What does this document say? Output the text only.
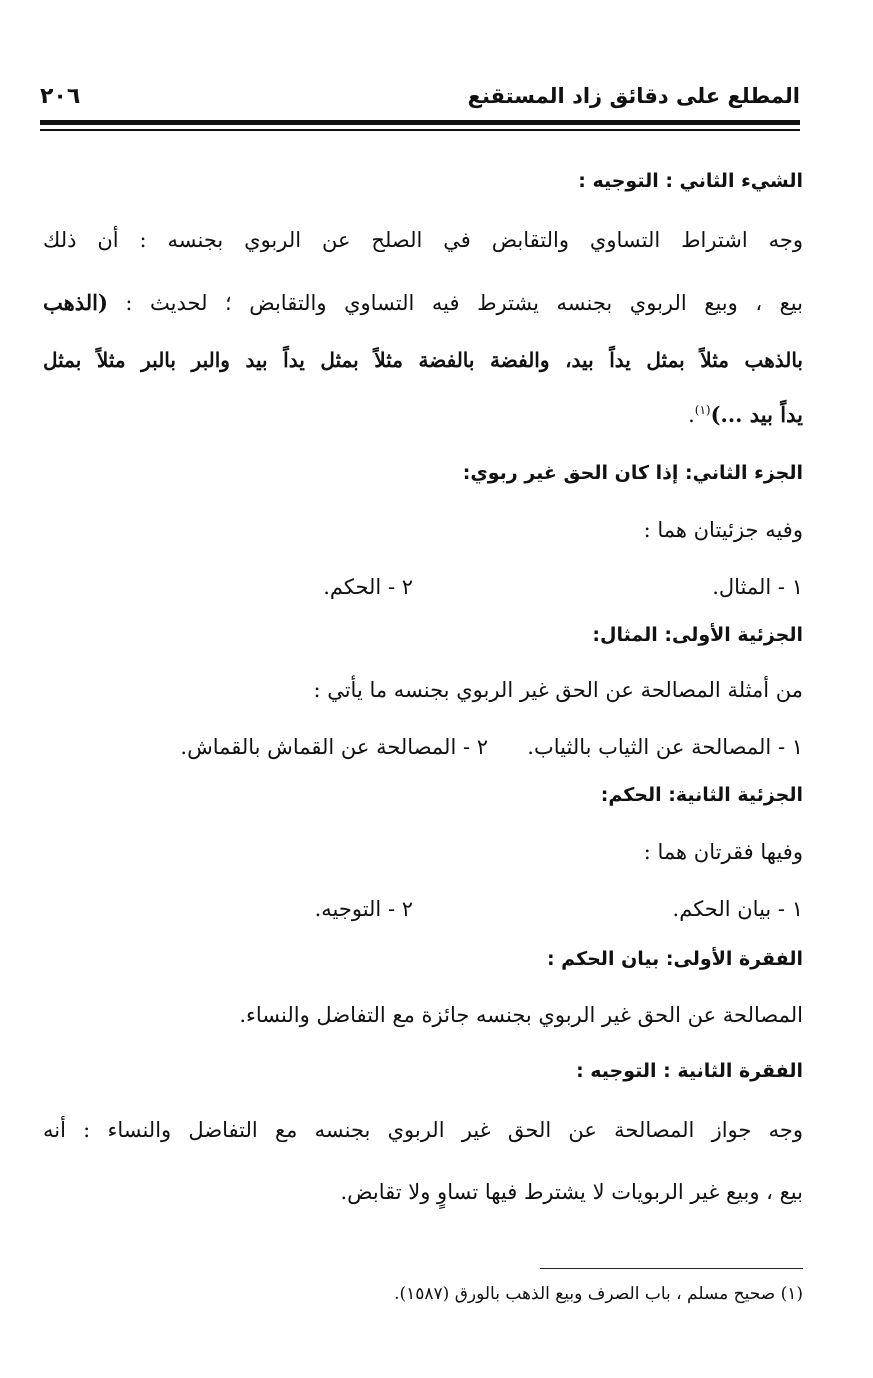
المطلع على دقائق زاد المستقنع
٢٠٦
الشيء الثاني : التوجيه :
وجه اشتراط التساوي والتقابض في الصلح عن الربوي بجنسه : أن ذلك
بيع ، وبيع الربوي بجنسه يشترط فيه التساوي والتقابض ؛ لحديث : (الذهب
بالذهب مثلاً بمثل يداً بيد، والفضة بالفضة مثلاً بمثل يداً بيد والبر بالبر مثلاً بمثل
يداً بيد ...)$^{(١)}$.
الجزء الثاني: إذا كان الحق غير ربوي:
وفيه جزئيتان هما :
١ - المثال.
٢ - الحكم.
الجزئية الأولى: المثال:
من أمثلة المصالحة عن الحق غير الربوي بجنسه ما يأتي :
١ - المصالحة عن الثياب بالثياب.
٢ - المصالحة عن القماش بالقماش.
الجزئية الثانية: الحكم:
وفيها فقرتان هما :
١ - بيان الحكم.
٢ - التوجيه.
الفقرة الأولى: بيان الحكم :
المصالحة عن الحق غير الربوي بجنسه جائزة مع التفاضل والنساء.
الفقرة الثانية : التوجيه :
وجه جواز المصالحة عن الحق غير الربوي بجنسه مع التفاضل والنساء : أنه
بيع ، وبيع غير الربويات لا يشترط فيها تساوٍ ولا تقابض.
(١) صحيح مسلم ، باب الصرف وبيع الذهب بالورق (١٥٨٧).
